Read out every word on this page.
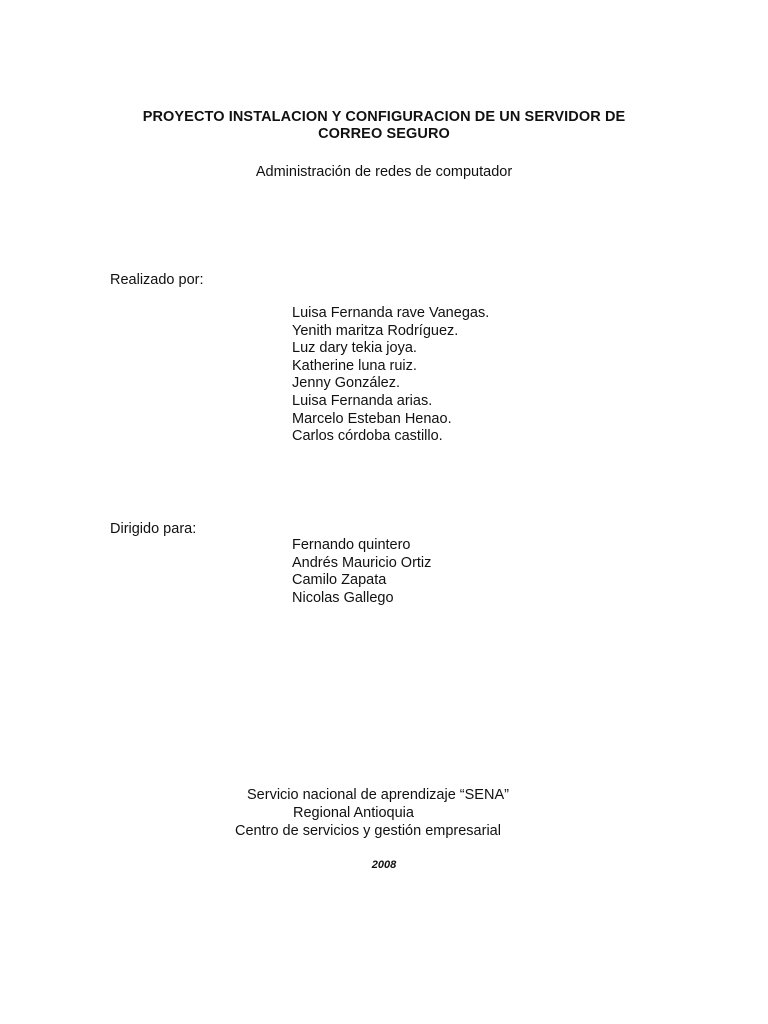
PROYECTO INSTALACION Y CONFIGURACION DE UN SERVIDOR DE
CORREO SEGURO
Administración de redes de computador
Realizado por:
Luisa Fernanda rave Vanegas.
Yenith maritza Rodríguez.
Luz dary tekia joya.
Katherine luna ruiz.
Jenny González.
Luisa Fernanda arias.
Marcelo Esteban Henao.
Carlos córdoba castillo.
Dirigido para:
Fernando quintero
Andrés Mauricio Ortiz
Camilo Zapata
Nicolas Gallego
Servicio nacional de aprendizaje “SENA”
Regional Antioquia
Centro de servicios y gestión empresarial
2008
